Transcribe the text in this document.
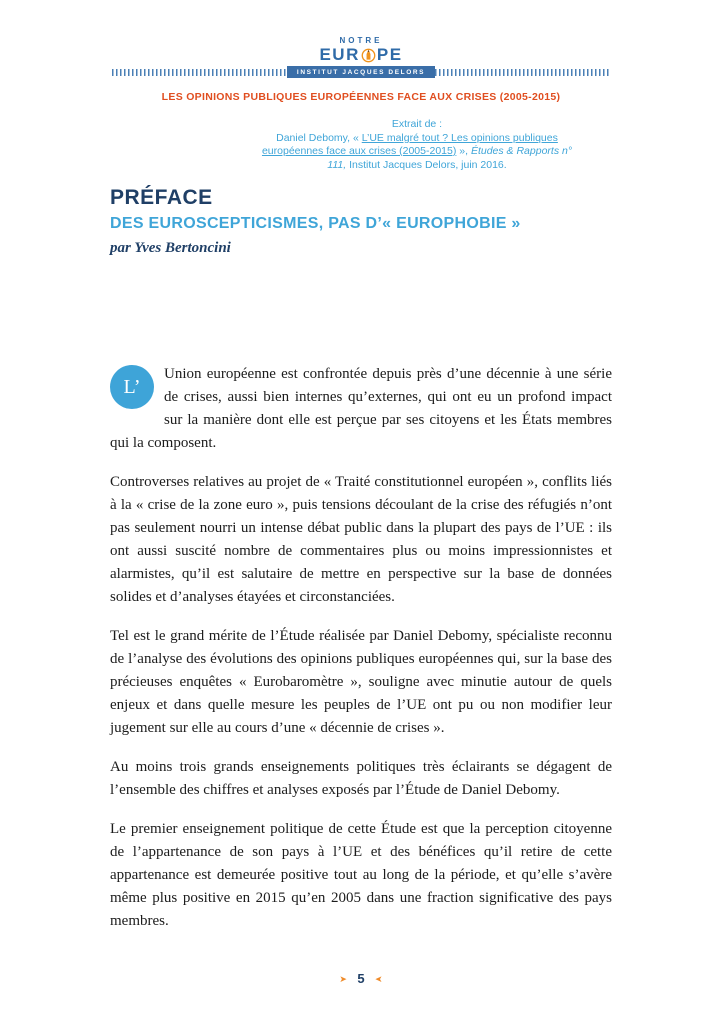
NOTRE
EUR PE
INSTITUT JACQUES DELORS
LES OPINIONS PUBLIQUES EUROPÉENNES FACE AUX CRISES (2005-2015)
Extrait de :
Daniel Debomy, « L’UE malgré tout ? Les opinions publiques européennes face aux crises (2005-2015) », Études & Rapports n° 111, Institut Jacques Delors, juin 2016.
PRÉFACE
DES EUROSCEPTICISMES, PAS D’« EUROPHOBIE »
par Yves Bertoncini

L’
Union européenne est confrontée depuis près d’une décennie à une série de crises, aussi bien internes qu’externes, qui ont eu un profond impact sur la manière dont elle est perçue par ses citoyens et les États membres qui la composent.

Controverses relatives au projet de « Traité constitutionnel européen », conflits liés à la « crise de la zone euro », puis tensions découlant de la crise des réfugiés n’ont pas seulement nourri un intense débat public dans la plupart des pays de l’UE : ils ont aussi suscité nombre de commentaires plus ou moins impressionnistes et alarmistes, qu’il est salutaire de mettre en perspective sur la base de données solides et d’analyses étayées et circonstanciées.

Tel est le grand mérite de l’Étude réalisée par Daniel Debomy, spécialiste reconnu de l’analyse des évolutions des opinions publiques européennes qui, sur la base des précieuses enquêtes « Eurobaromètre », souligne avec minutie autour de quels enjeux et dans quelle mesure les peuples de l’UE ont pu ou non modifier leur jugement sur elle au cours d’une « décennie de crises ».

Au moins trois grands enseignements politiques très éclairants se dégagent de l’ensemble des chiffres et analyses exposés par l’Étude de Daniel Debomy.

Le premier enseignement politique de cette Étude est que la perception citoyenne de l’appartenance de son pays à l’UE et des bénéfices qu’il retire de cette appartenance est demeurée positive tout au long de la période, et qu’elle s’avère même plus positive en 2015 qu’en 2005 dans une fraction significative des pays membres.

➤ 5 ➤
